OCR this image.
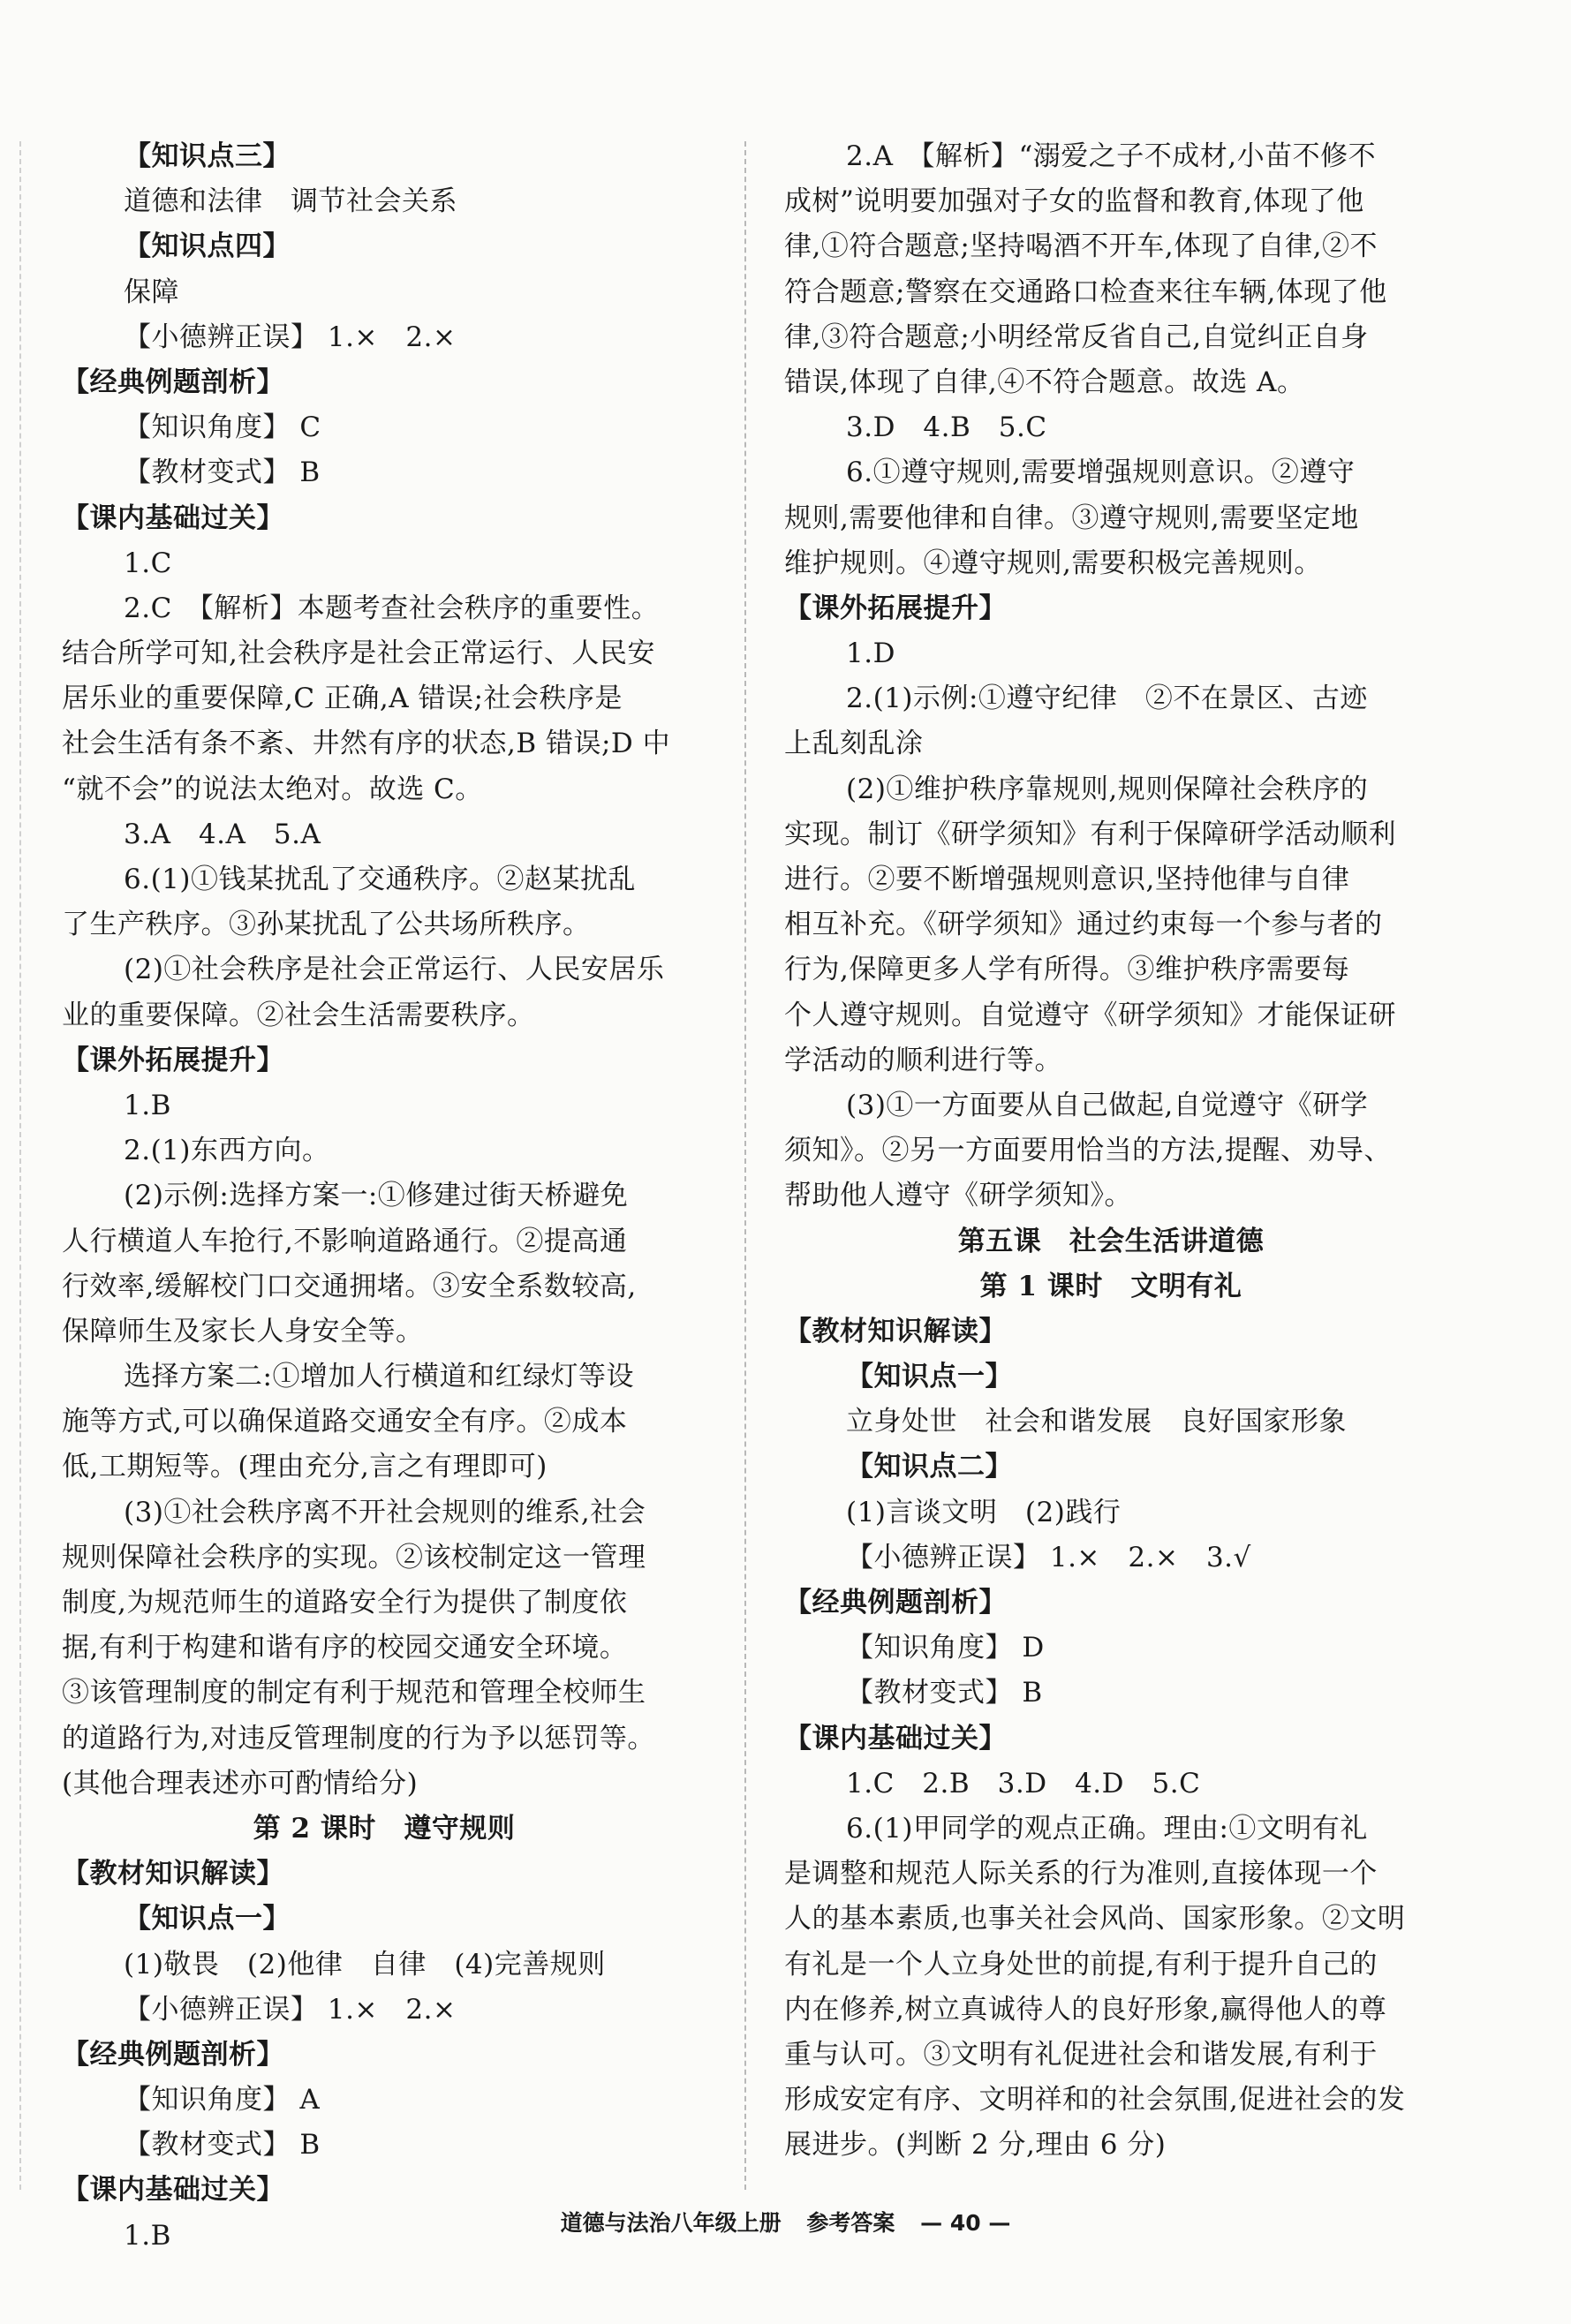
【知识点三】
道德和法律　调节社会关系
【知识点四】
保障
【小德辨正误】 1.×　2.×
【经典例题剖析】
【知识角度】 C
【教材变式】 B
【课内基础过关】
1.C
2.C　【解析】本题考查社会秩序的重要性。
结合所学可知,社会秩序是社会正常运行、人民安
居乐业的重要保障,C 正确,A 错误;社会秩序是
社会生活有条不紊、井然有序的状态,B 错误;D 中
“就不会”的说法太绝对。故选 C。
3.A　4.A　5.A
6.(1)①钱某扰乱了交通秩序。②赵某扰乱
了生产秩序。③孙某扰乱了公共场所秩序。
(2)①社会秩序是社会正常运行、人民安居乐
业的重要保障。②社会生活需要秩序。
【课外拓展提升】
1.B
2.(1)东西方向。
(2)示例:选择方案一:①修建过街天桥避免
人行横道人车抢行,不影响道路通行。②提高通
行效率,缓解校门口交通拥堵。③安全系数较高,
保障师生及家长人身安全等。
选择方案二:①增加人行横道和红绿灯等设
施等方式,可以确保道路交通安全有序。②成本
低,工期短等。(理由充分,言之有理即可)
(3)①社会秩序离不开社会规则的维系,社会
规则保障社会秩序的实现。②该校制定这一管理
制度,为规范师生的道路安全行为提供了制度依
据,有利于构建和谐有序的校园交通安全环境。
③该管理制度的制定有利于规范和管理全校师生
的道路行为,对违反管理制度的行为予以惩罚等。
(其他合理表述亦可酌情给分)
第 2 课时　遵守规则
【教材知识解读】
【知识点一】
(1)敬畏　(2)他律　自律　(4)完善规则
【小德辨正误】 1.×　2.×
【经典例题剖析】
【知识角度】 A
【教材变式】 B
【课内基础过关】
1.B
2.A　【解析】“溺爱之子不成材,小苗不修不
成树”说明要加强对子女的监督和教育,体现了他
律,①符合题意;坚持喝酒不开车,体现了自律,②不
符合题意;警察在交通路口检查来往车辆,体现了他
律,③符合题意;小明经常反省自己,自觉纠正自身
错误,体现了自律,④不符合题意。故选 A。
3.D　4.B　5.C
6.①遵守规则,需要增强规则意识。②遵守
规则,需要他律和自律。③遵守规则,需要坚定地
维护规则。④遵守规则,需要积极完善规则。
【课外拓展提升】
1.D
2.(1)示例:①遵守纪律　②不在景区、古迹
上乱刻乱涂
(2)①维护秩序靠规则,规则保障社会秩序的
实现。制订《研学须知》有利于保障研学活动顺利
进行。②要不断增强规则意识,坚持他律与自律
相互补充。《研学须知》通过约束每一个参与者的
行为,保障更多人学有所得。③维护秩序需要每
个人遵守规则。自觉遵守《研学须知》才能保证研
学活动的顺利进行等。
(3)①一方面要从自己做起,自觉遵守《研学
须知》。②另一方面要用恰当的方法,提醒、劝导、
帮助他人遵守《研学须知》。
第五课　社会生活讲道德
第 1 课时　文明有礼
【教材知识解读】
【知识点一】
立身处世　社会和谐发展　良好国家形象
【知识点二】
(1)言谈文明　(2)践行
【小德辨正误】 1.×　2.×　3.√
【经典例题剖析】
【知识角度】 D
【教材变式】 B
【课内基础过关】
1.C　2.B　3.D　4.D　5.C
6.(1)甲同学的观点正确。理由:①文明有礼
是调整和规范人际关系的行为准则,直接体现一个
人的基本素质,也事关社会风尚、国家形象。②文明
有礼是一个人立身处世的前提,有利于提升自己的
内在修养,树立真诚待人的良好形象,赢得他人的尊
重与认可。③文明有礼促进社会和谐发展,有利于
形成安定有序、文明祥和的社会氛围,促进社会的发
展进步。(判断 2 分,理由 6 分)
道德与法治八年级上册 参考答案 — 40 —
